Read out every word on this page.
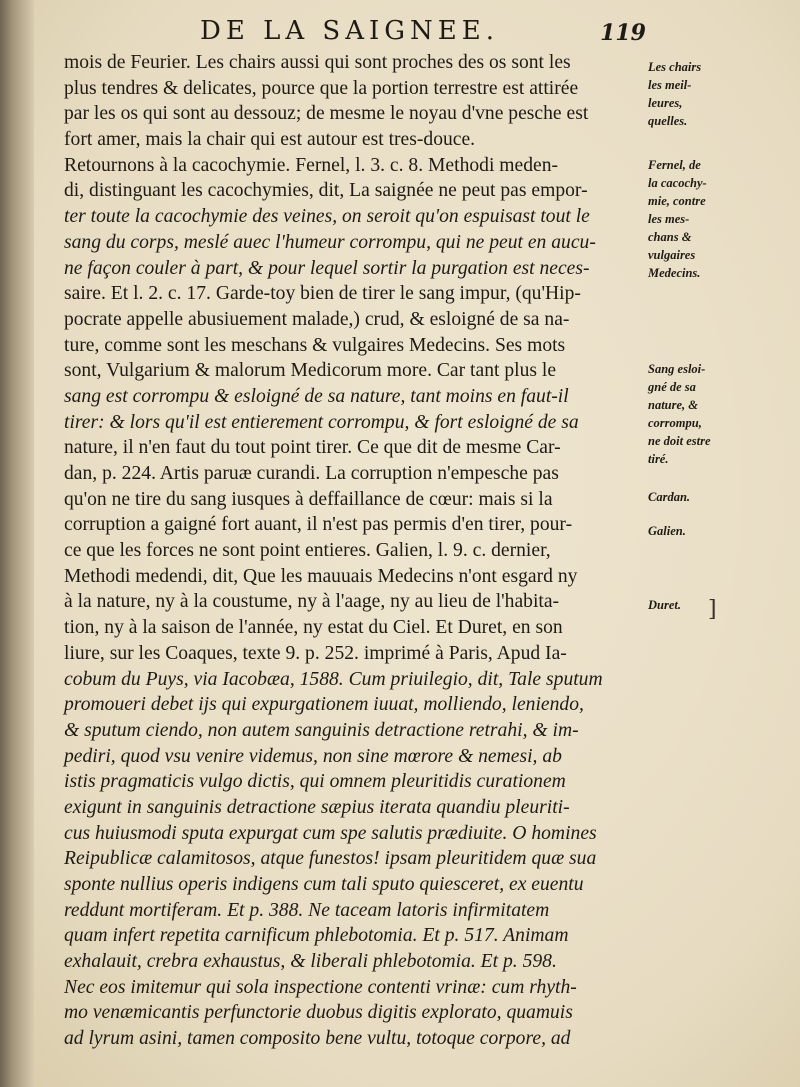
DE LA SAIGNEE.	119
mois de Feurier. Les chairs aussi qui sont proches des os sont les
plus tendres & delicates, pource que la portion terrestre est attirée
par les os qui sont au dessouz; de mesme le noyau d'vne pesche est
fort amer, mais la chair qui est autour est tres-douce.
Retournons à la cacochymie. Fernel, l. 3. c. 8. Methodi meden-
di, distinguant les cacochymies, dit, La saignée ne peut pas empor-
ter toute la cacochymie des veines, on seroit qu'on espuisast tout le
sang du corps, meslé auec l'humeur corrompu, qui ne peut en aucu-
ne façon couler à part, & pour lequel sortir la purgation est neces-
saire. Et l. 2. c. 17. Garde-toy bien de tirer le sang impur, (qu'Hip-
pocrate appelle abusiuement malade,) crud, & esloigné de sa na-
ture, comme sont les meschans & vulgaires Medecins. Ses mots
sont, Vulgarium & malorum Medicorum more. Car tant plus le
sang est corrompu & esloigné de sa nature, tant moins en faut-il
tirer: & lors qu'il est entierement corrompu, & fort esloigné de sa
nature, il n'en faut du tout point tirer. Ce que dit de mesme Car-
dan, p. 224. Artis paruæ curandi. La corruption n'empesche pas
qu'on ne tire du sang iusques à deffaillance de cœur: mais si la
corruption a gaigné fort auant, il n'est pas permis d'en tirer, pour-
ce que les forces ne sont point entieres. Galien, l. 9. c. dernier,
Methodi medendi, dit, Que les mauuais Medecins n'ont esgard ny
à la nature, ny à la coustume, ny à l'aage, ny au lieu de l'habita-
tion, ny à la saison de l'année, ny estat du Ciel. Et Duret, en son
liure, sur les Coaques, texte 9. p. 252. imprimé à Paris, Apud Ia-
cobum du Puys, via Iacobæa, 1588. Cum priuilegio, dit, Tale sputum
promoueri debet ijs qui expurgationem iuuat, molliendo, leniendo,
& sputum ciendo, non autem sanguinis detractione retrahi, & im-
pediri, quod vsu venire videmus, non sine mœrore & nemesi, ab
istis pragmaticis vulgo dictis, qui omnem pleuritidis curationem
exigunt in sanguinis detractione sæpius iterata quandiu pleuriti-
cus huiusmodi sputa expurgat cum spe salutis prædiuite. O homines
Reipublicæ calamitosos, atque funestos! ipsam pleuritidem quæ sua
sponte nullius operis indigens cum tali sputo quiesceret, ex euentu
reddunt mortiferam. Et p. 388. Ne taceam latoris infirmitatem
quam infert repetita carnificum phlebotomia. Et p. 517. Animam
exhalauit, crebra exhaustus, & liberali phlebotomia. Et p. 598.
Nec eos imitemur qui sola inspectione contenti vrinæ: cum rhyth-
mo venæmicantis perfunctorie duobus digitis explorato, quamuis
ad lyrum asini, tamen composito bene vultu, totoque corpore, ad
Les chairs
les meil-
leures,
quelles.
Fernel, de
la cacochy-
mie, contre
les mes-
chans &
vulgaires
Medecins.
Sang esloi-
gné de sa
nature, &
corrompu,
ne doit estre
tiré.
Cardan.
Galien.
Duret.	]
